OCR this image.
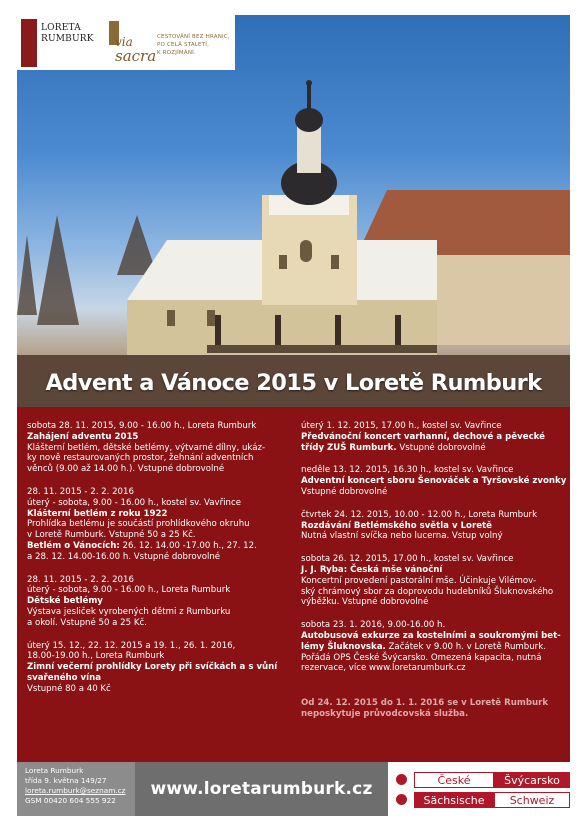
LORETA
RUMBURK via
sacra
CESTOVÁNÍ BEZ HRANIC,
PO CELÁ STALETÍ,
K ROZJÍMÁNÍ.
Advent a Vánoce 2015 v Loretě Rumburk
sobota 28. 11. 2015, 9.00 - 16.00 h., Loreta Rumburk
Zahájení adventu 2015
Klášterní betlém, dětské betlémy, výtvarné dílny, ukáz-
ky nově restaurovaných prostor, žehnání adventních
věnců (9.00 až 14.00 h.). Vstupné dobrovolné
28. 11. 2015 - 2. 2. 2016
úterý - sobota, 9.00 - 16.00 h., kostel sv. Vavřince
Klášterní betlém z roku 1922
Prohlídka betlému je součástí prohlídkového okruhu
v Loretě Rumburk. Vstupné 50 a 25 Kč.
Betlém o Vánocích: 26. 12. 14.00 -17.00 h., 27. 12.
a 28. 12. 14.00-16.00 h. Vstupné dobrovolné
28. 11. 2015 - 2. 2. 2016
úterý - sobota, 9.00 - 16.00 h., Loreta Rumburk
Dětské betlémy
Výstava jesliček vyrobených dětmi z Rumburku
a okolí. Vstupné 50 a 25 Kč.
úterý 15. 12., 22. 12. 2015 a 19. 1., 26. 1. 2016,
18.00-19.00 h., Loreta Rumburk
Zimní večerní prohlídky Lorety při svíčkách a s vůní
svařeného vína
Vstupné 80 a 40 Kč
úterý 1. 12. 2015, 17.00 h., kostel sv. Vavřince
Předvánoční koncert varhanní, dechové a pěvecké
třídy ZUŠ Rumburk. Vstupné dobrovolné
neděle 13. 12. 2015, 16.30 h., kostel sv. Vavřince
Adventní koncert sboru Šenováček a Tyršovské zvonky
Vstupné dobrovolné
čtvrtek 24. 12. 2015, 10.00 - 12.00 h., Loreta Rumburk
Rozdávání Betlémského světla v Loretě
Nutná vlastní svíčka nebo lucerna. Vstup volný
sobota 26. 12. 2015, 17.00 h., kostel sv. Vavřince
J. J. Ryba: Česká mše vánoční
Koncertní provedení pastorální mše. Účinkuje Vilémov-
ský chrámový sbor za doprovodu hudebníků Šluknovského
výběžku. Vstupné dobrovolné
sobota 23. 1. 2016, 9.00-16.00 h.
Autobusová exkurze za kostelními a soukromými bet-
lémy Šluknovska. Začátek v 9.00 h. v Loretě Rumburk.
Pořádá OPS České Švýcarsko. Omezená kapacita, nutná
rezervace, více www.loretarumburk.cz
Od 24. 12. 2015 do 1. 1. 2016 se v Loretě Rumburk
neposkytuje průvodcovská služba.
Loreta Rumburk
třída 9. května 149/27
loreta.rumburk@seznam.cz
GSM 00420 604 555 922
www.loretarumburk.cz	České	Švýcarsko
Sächsische	Schweiz
